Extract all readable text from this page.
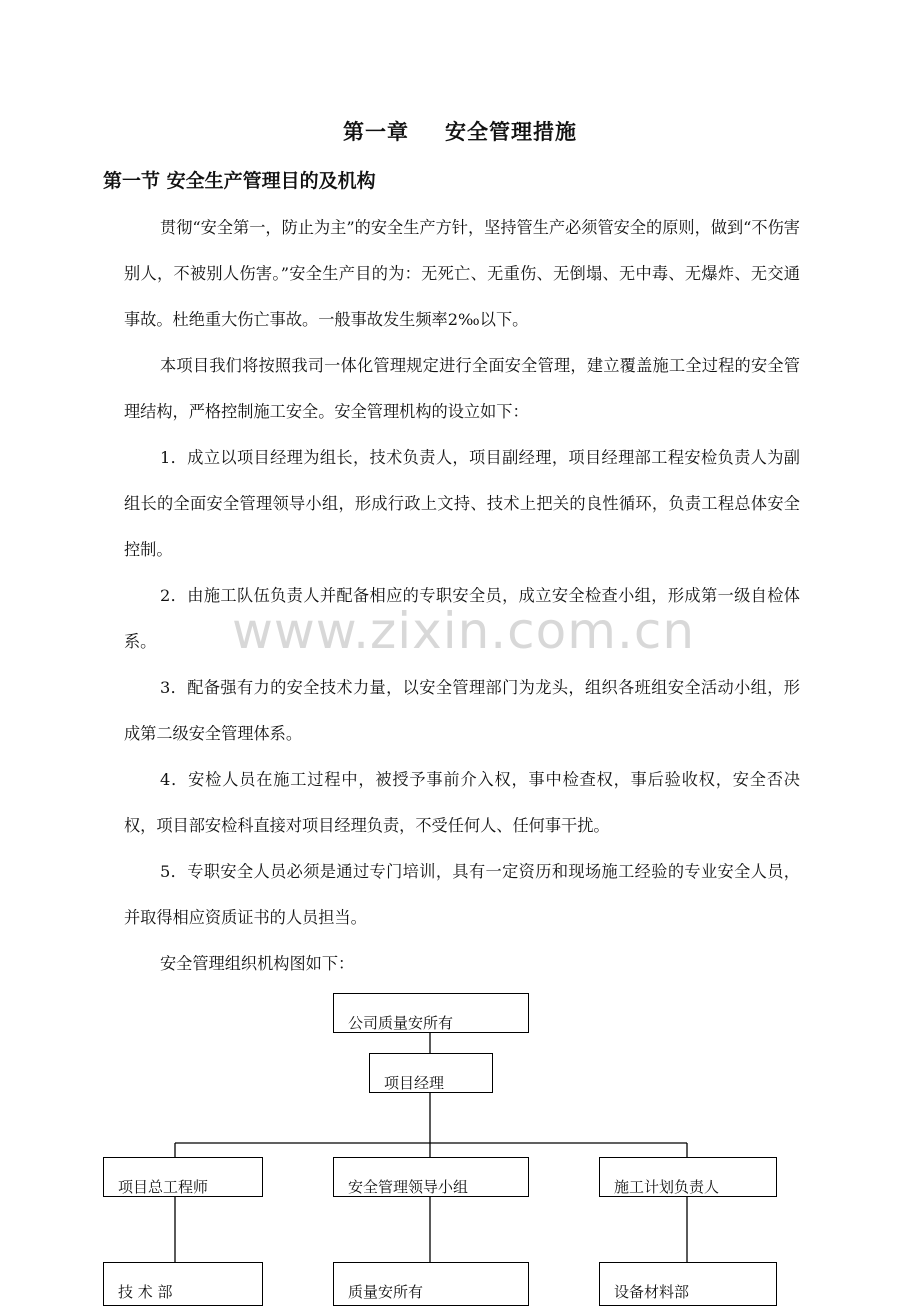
第一章 安全管理措施
第一节 安全生产管理目的及机构

贯彻“安全第一，防止为主”的安全生产方针，坚持管生产必须管安全的原则，做到“不伤害别人，不被别人伤害。”安全生产目的为：无死亡、无重伤、无倒塌、无中毒、无爆炸、无交通事故。杜绝重大伤亡事故。一般事故发生频率2‰以下。

本项目我们将按照我司一体化管理规定进行全面安全管理，建立覆盖施工全过程的安全管理结构，严格控制施工安全。安全管理机构的设立如下：

1．成立以项目经理为组长，技术负责人，项目副经理，项目经理部工程安检负责人为副组长的全面安全管理领导小组，形成行政上文持、技术上把关的良性循环，负责工程总体安全控制。

2．由施工队伍负责人并配备相应的专职安全员，成立安全检查小组，形成第一级自检体系。

3．配备强有力的安全技术力量，以安全管理部门为龙头，组织各班组安全活动小组，形成第二级安全管理体系。

4．安检人员在施工过程中，被授予事前介入权，事中检查权，事后验收权，安全否决权，项目部安检科直接对项目经理负责，不受任何人、任何事干扰。

5．专职安全人员必须是通过专门培训，具有一定资历和现场施工经验的专业安全人员，并取得相应资质证书的人员担当。

安全管理组织机构图如下：

www.zixin.com.cn
公司质量安所有
项目经理
项目总工程师	安全管理领导小组	施工计划负责人
技 术 部	质量安所有	设备材料部
